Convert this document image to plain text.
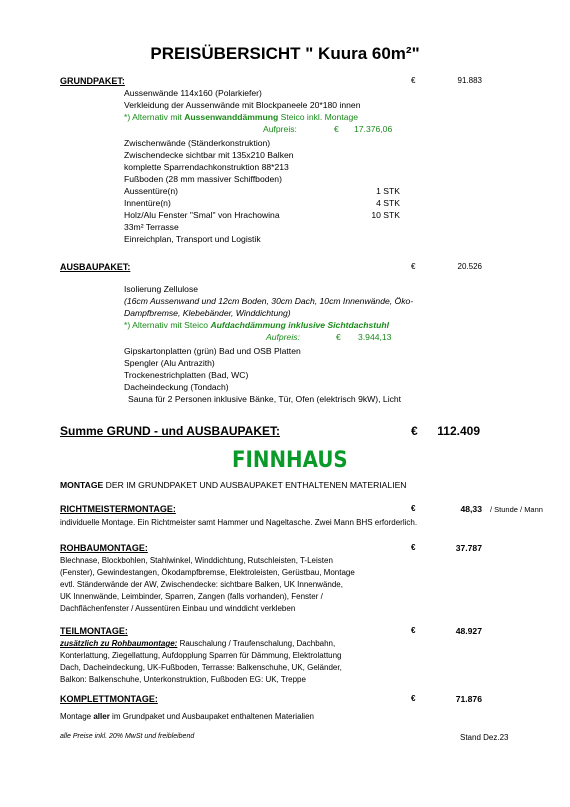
PREISÜBERSICHT " Kuura 60m²"
GRUNDPAKET:	€	91.883
Aussenwände 114x160 (Polarkiefer)
Verkleidung der Aussenwände mit Blockpaneele 20*180 innen
*) Alternativ mit Aussenwanddämmung Steico inkl. Montage
Aufpreis:	€ 17.376,06
Zwischenwände (Ständerkonstruktion)
Zwischendecke sichtbar mit 135x210 Balken
komplette Sparrendachkonstruktion 88*213
Fußboden (28 mm massiver Schiffboden)
Aussentüre(n)	1 STK
Innentüre(n)	4 STK
Holz/Alu Fenster "Smal" von Hrachowina	10 STK
33m² Terrasse
Einreichplan, Transport und Logistik
AUSBAUPAKET:	€	20.526
Isolierung Zellulose
(16cm Aussenwand und 12cm Boden, 30cm Dach, 10cm Innenwände, Öko-
Dampfbremse, Klebebänder, Winddichtung)
*) Alternativ mit Steico Aufdachdämmung inklusive Sichtdachstuhl
Aufpreis:	€ 3.944,13
Gipskartonplatten (grün) Bad und OSB Platten
Spengler (Alu Antrazith)
Trockenestrichplatten (Bad, WC)
Dacheindeckung (Tondach)
Sauna für 2 Personen inklusive Bänke, Tür, Ofen (elektrisch 9kW), Licht
Summe GRUND - und AUSBAUPAKET:	€	112.409
FINNHAUS
MONTAGE DER IM GRUNDPAKET UND AUSBAUPAKET ENTHALTENEN MATERIALIEN
RICHTMEISTERMONTAGE:	€	48,33 / Stunde / Mann
individuelle Montage. Ein Richtmeister samt Hammer und Nageltasche. Zwei Mann BHS erforderlich.
ROHBAUMONTAGE:	€	37.787
Blechnase, Blockbohlen, Stahlwinkel, Winddichtung, Rutschleisten, T-Leisten
(Fenster), Gewindestangen, Ökodampfbremse, Elektroleisten, Gerüstbau, Montage
evtl. Ständerwände der AW, Zwischendecke: sichtbare Balken, UK Innenwände,
UK Innenwände, Leimbinder, Sparren, Zangen (falls vorhanden), Fenster /
Dachflächenfenster / Aussentüren Einbau und winddicht verkleben
TEILMONTAGE:	€	48.927
zusätzlich zu Rohbaumontage: Rauschalung / Traufenschalung, Dachbahn,
Konterlattung, Ziegellattung, Aufdopplung Sparren für Dämmung, Elektrolattung
Dach, Dacheindeckung, UK-Fußboden, Terrasse: Balkenschuhe, UK, Geländer,
Balkon: Balkenschuhe, Unterkonstruktion, Fußboden EG: UK, Treppe
KOMPLETTMONTAGE:	€	71.876
Montage aller im Grundpaket und Ausbaupaket enthaltenen Materialien
alle Preise inkl. 20% MwSt und freibleibend	Stand Dez.23
